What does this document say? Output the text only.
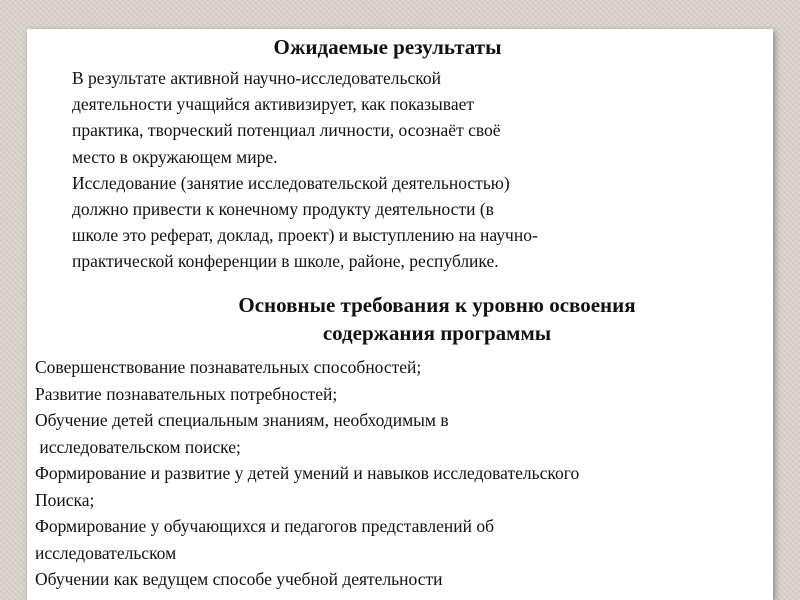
Ожидаемые результаты

В результате активной научно-исследовательской
деятельности учащийся активизирует, как показывает
практика, творческий потенциал личности, осознаёт своё
место в окружающем мире.
Исследование (занятие исследовательской деятельностью)
должно привести к конечному продукту деятельности (в
школе это реферат, доклад, проект) и выступлению на научно-
практической конференции в школе, районе, республике.

Основные требования к уровню освоения
содержания программы
Совершенствование познавательных способностей;
Развитие познавательных потребностей;
Обучение детей специальным знаниям, необходимым в
исследовательском поиске;
Формирование и развитие у детей умений и навыков исследовательского
Поиска;
Формирование у обучающихся и педагогов представлений об
исследовательском
Обучении как ведущем способе учебной деятельности
